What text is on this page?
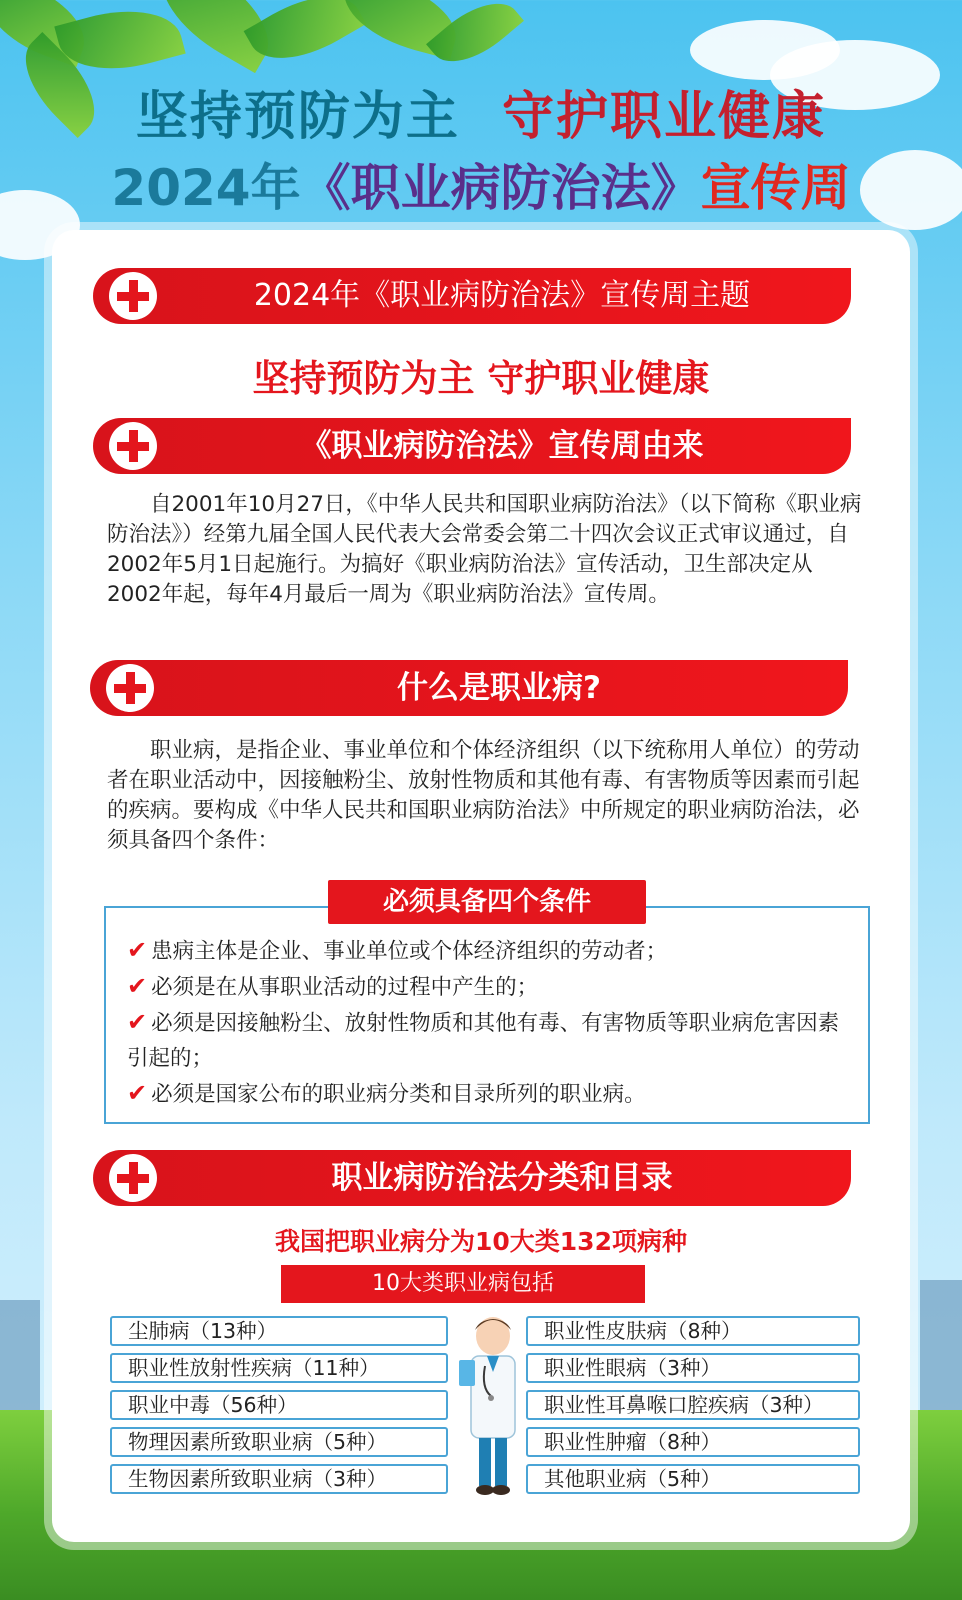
坚持预防为主 守护职业健康
2024年《职业病防治法》宣传周
2024年《职业病防治法》宣传周主题
坚持预防为主 守护职业健康
《职业病防治法》宣传周由来
自2001年10月27日，《中华人民共和国职业病防治法》（以下简称《职业病防治法》）经第九届全国人民代表大会常委会第二十四次会议正式审议通过，自2002年5月1日起施行。为搞好《职业病防治法》宣传活动，卫生部决定从2002年起，每年4月最后一周为《职业病防治法》宣传周。
什么是职业病?
职业病，是指企业、事业单位和个体经济组织（以下统称用人单位）的劳动者在职业活动中，因接触粉尘、放射性物质和其他有毒、有害物质等因素而引起的疾病。要构成《中华人民共和国职业病防治法》中所规定的职业病防治法，必须具备四个条件：
必须具备四个条件
✔ 患病主体是企业、事业单位或个体经济组织的劳动者；
✔ 必须是在从事职业活动的过程中产生的；
✔ 必须是因接触粉尘、放射性物质和其他有毒、有害物质等职业病危害因素引起的；
✔ 必须是国家公布的职业病分类和目录所列的职业病。
职业病防治法分类和目录
我国把职业病分为10大类132项病种
10大类职业病包括
尘肺病（13种）
职业性放射性疾病（11种）
职业中毒（56种）
物理因素所致职业病（5种）
生物因素所致职业病（3种）
职业性皮肤病（8种）
职业性眼病（3种）
职业性耳鼻喉口腔疾病（3种）
职业性肿瘤（8种）
其他职业病（5种）
